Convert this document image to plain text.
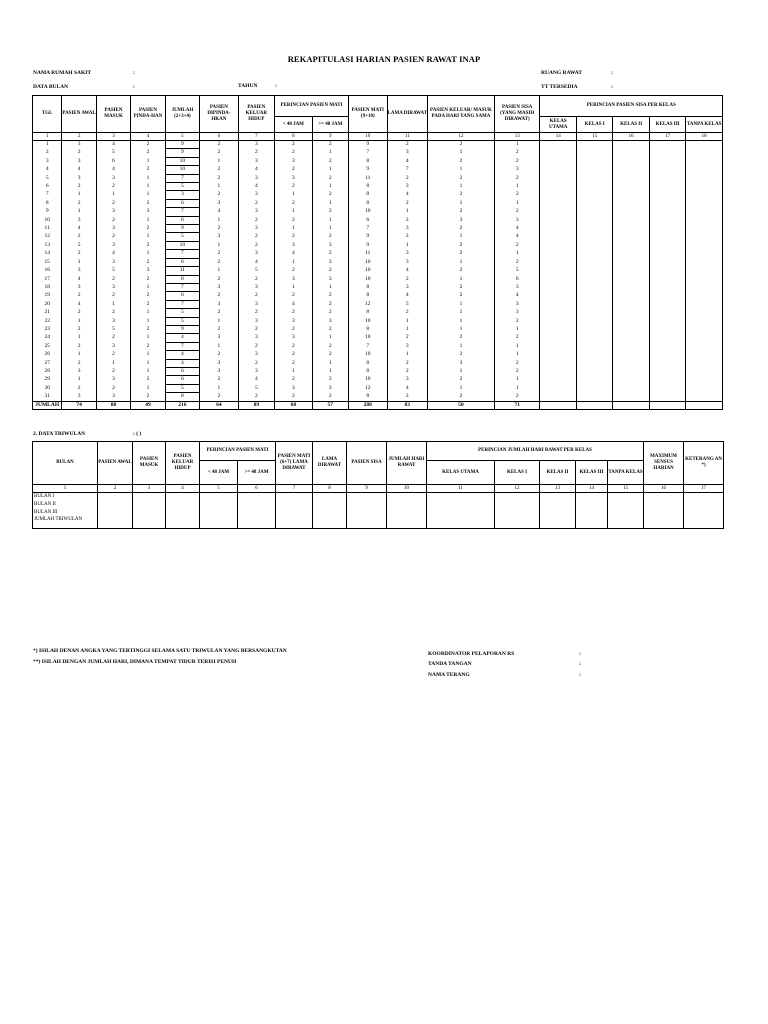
REKAPITULASI HARIAN PASIEN RAWAT INAP
NAMA RUMAH SAKIT	:
DATA BULAN	:	TAHUN	:
RUANG RAWAT	:
TT TERSEDIA	:
TGL	PASIEN AWAL	PASIEN MASUK	PASIEN PINDA-HAN	JUMLAH (2+3+4)	PASIEN DIPINDA-HKAN	PASIEN KELUAR HIDUP	PERINCIAN PASIEN MATI		PASIEN MATI (9+10)	LAMA DIRAWAT	PASIEN KELUAR/ MASUK PADA HARI YANG SAMA	PASIEN SISA (YANG MASIH DIRAWAT)	PERINCIAN PASIEN SISA PER KELAS				
							< 48 JAM	>= 48 JAM					KELAS UTAMA	KELAS I	KELAS II	KELAS III	TANPA KELAS
1	2	3	4	5	6	7	8	9	10	11	12	13	14	15	16	17	18
1	3	4	2	9	2	3	2	2	9	2	2	1					
2	2	5	2	9	2	2	2	1	7	3	1	2					
3	3	6	1	10	1	3	3	2	8	4	2	2					
4	4	4	2	10	2	4	2	1	9	7	1	3					
5	3	3	1	7	2	3	3	2	11	2	2	2					
6	2	2	1	5	1	4	2	1	8	3	1	1					
7	1	1	1	3	2	3	1	2	8	4	2	2					
8	2	2	2	6	3	2	2	1	8	2	1	1					
9	1	3	3	7	4	3	1	2	10	1	2	2					
10	3	2	1	6	1	2	2	1	6	2	3	3					
11	4	3	2	9	2	3	1	1	7	3	2	4					
12	2	2	1	5	3	2	2	2	9	2	1	4					
13	5	3	2	10	1	2	3	3	9	1	2	2					
14	2	4	1	7	2	3	4	2	11	3	2	1					
15	1	3	2	6	2	4	1	3	10	3	1	2					
16	3	5	3	11	1	5	2	2	10	4	2	5					
17	4	2	2	8	2	2	3	3	10	2	1	6					
18	3	3	1	7	3	3	1	1	8	3	2	3					
19	2	2	2	6	2	2	2	2	8	4	2	4					
20	4	1	2	7	3	3	4	2	12	5	1	3					
21	2	2	1	5	2	2	2	2	8	2	1	3					
22	1	3	1	5	1	3	3	3	10	1	1	2					
23	2	5	2	9	2	2	2	2	8	1	1	1					
24	1	2	1	4	3	3	3	1	10	2	2	2					
25	2	3	2	7	1	2	2	2	7	3	1	1					
26	1	2	1	4	2	3	2	2	10	1	2	1					
27	2	1	1	4	3	2	2	1	8	2	3	2					
28	3	2	1	6	3	3	1	1	8	2	1	2					
29	1	3	2	6	2	4	2	2	10	3	2	1					
30	2	2	1	5	1	5	3	3	12	4	1	1					
31	3	3	2	8	2	2	2	2	8	2	2	2					
JUMLAH	74	88	49	216	64	89	68	57	288	83	50	71					
2. DATA TRIWULAN	: ( )
BULAN	PASIEN AWAL	PASIEN MASUK	PASIEN KELUAR HIDUP	PERINCIAN PASIEN MATI		PASIEN MATI (6+7) LAMA DIRAWAT	LAMA DIRAWAT	PASIEN SISA	JUMLAH HARI RAWAT	PERINCIAN JUMLAH HARI RAWAT PER KELAS					MAXIMUM SENSUS HARIAN	KETERANG AN *)
				< 48 JAM	>= 48 JAM					KELAS UTAMA	KELAS I	KELAS II	KELAS III	TANPA KELAS		
1	2	3	4	5	6	7	8	9	10	11	12	13	14	15	16	17

BULAN I
BULAN II
BULAN III
JUMLAH TRIWULAN																

*) ISILAH DENAN ANGKA YANG TERTINGGI SELAMA SATU TRIWULAN YANG BERSANGKUTAN
**) ISILAH DENGAN JUMLAH HARI, DIMANA TEMPAT TIDUR TERISI PENUH
KOORDINATOR PELAPORAN RS	:
TANDA TANGAN	:
NAMA TERANG	:
